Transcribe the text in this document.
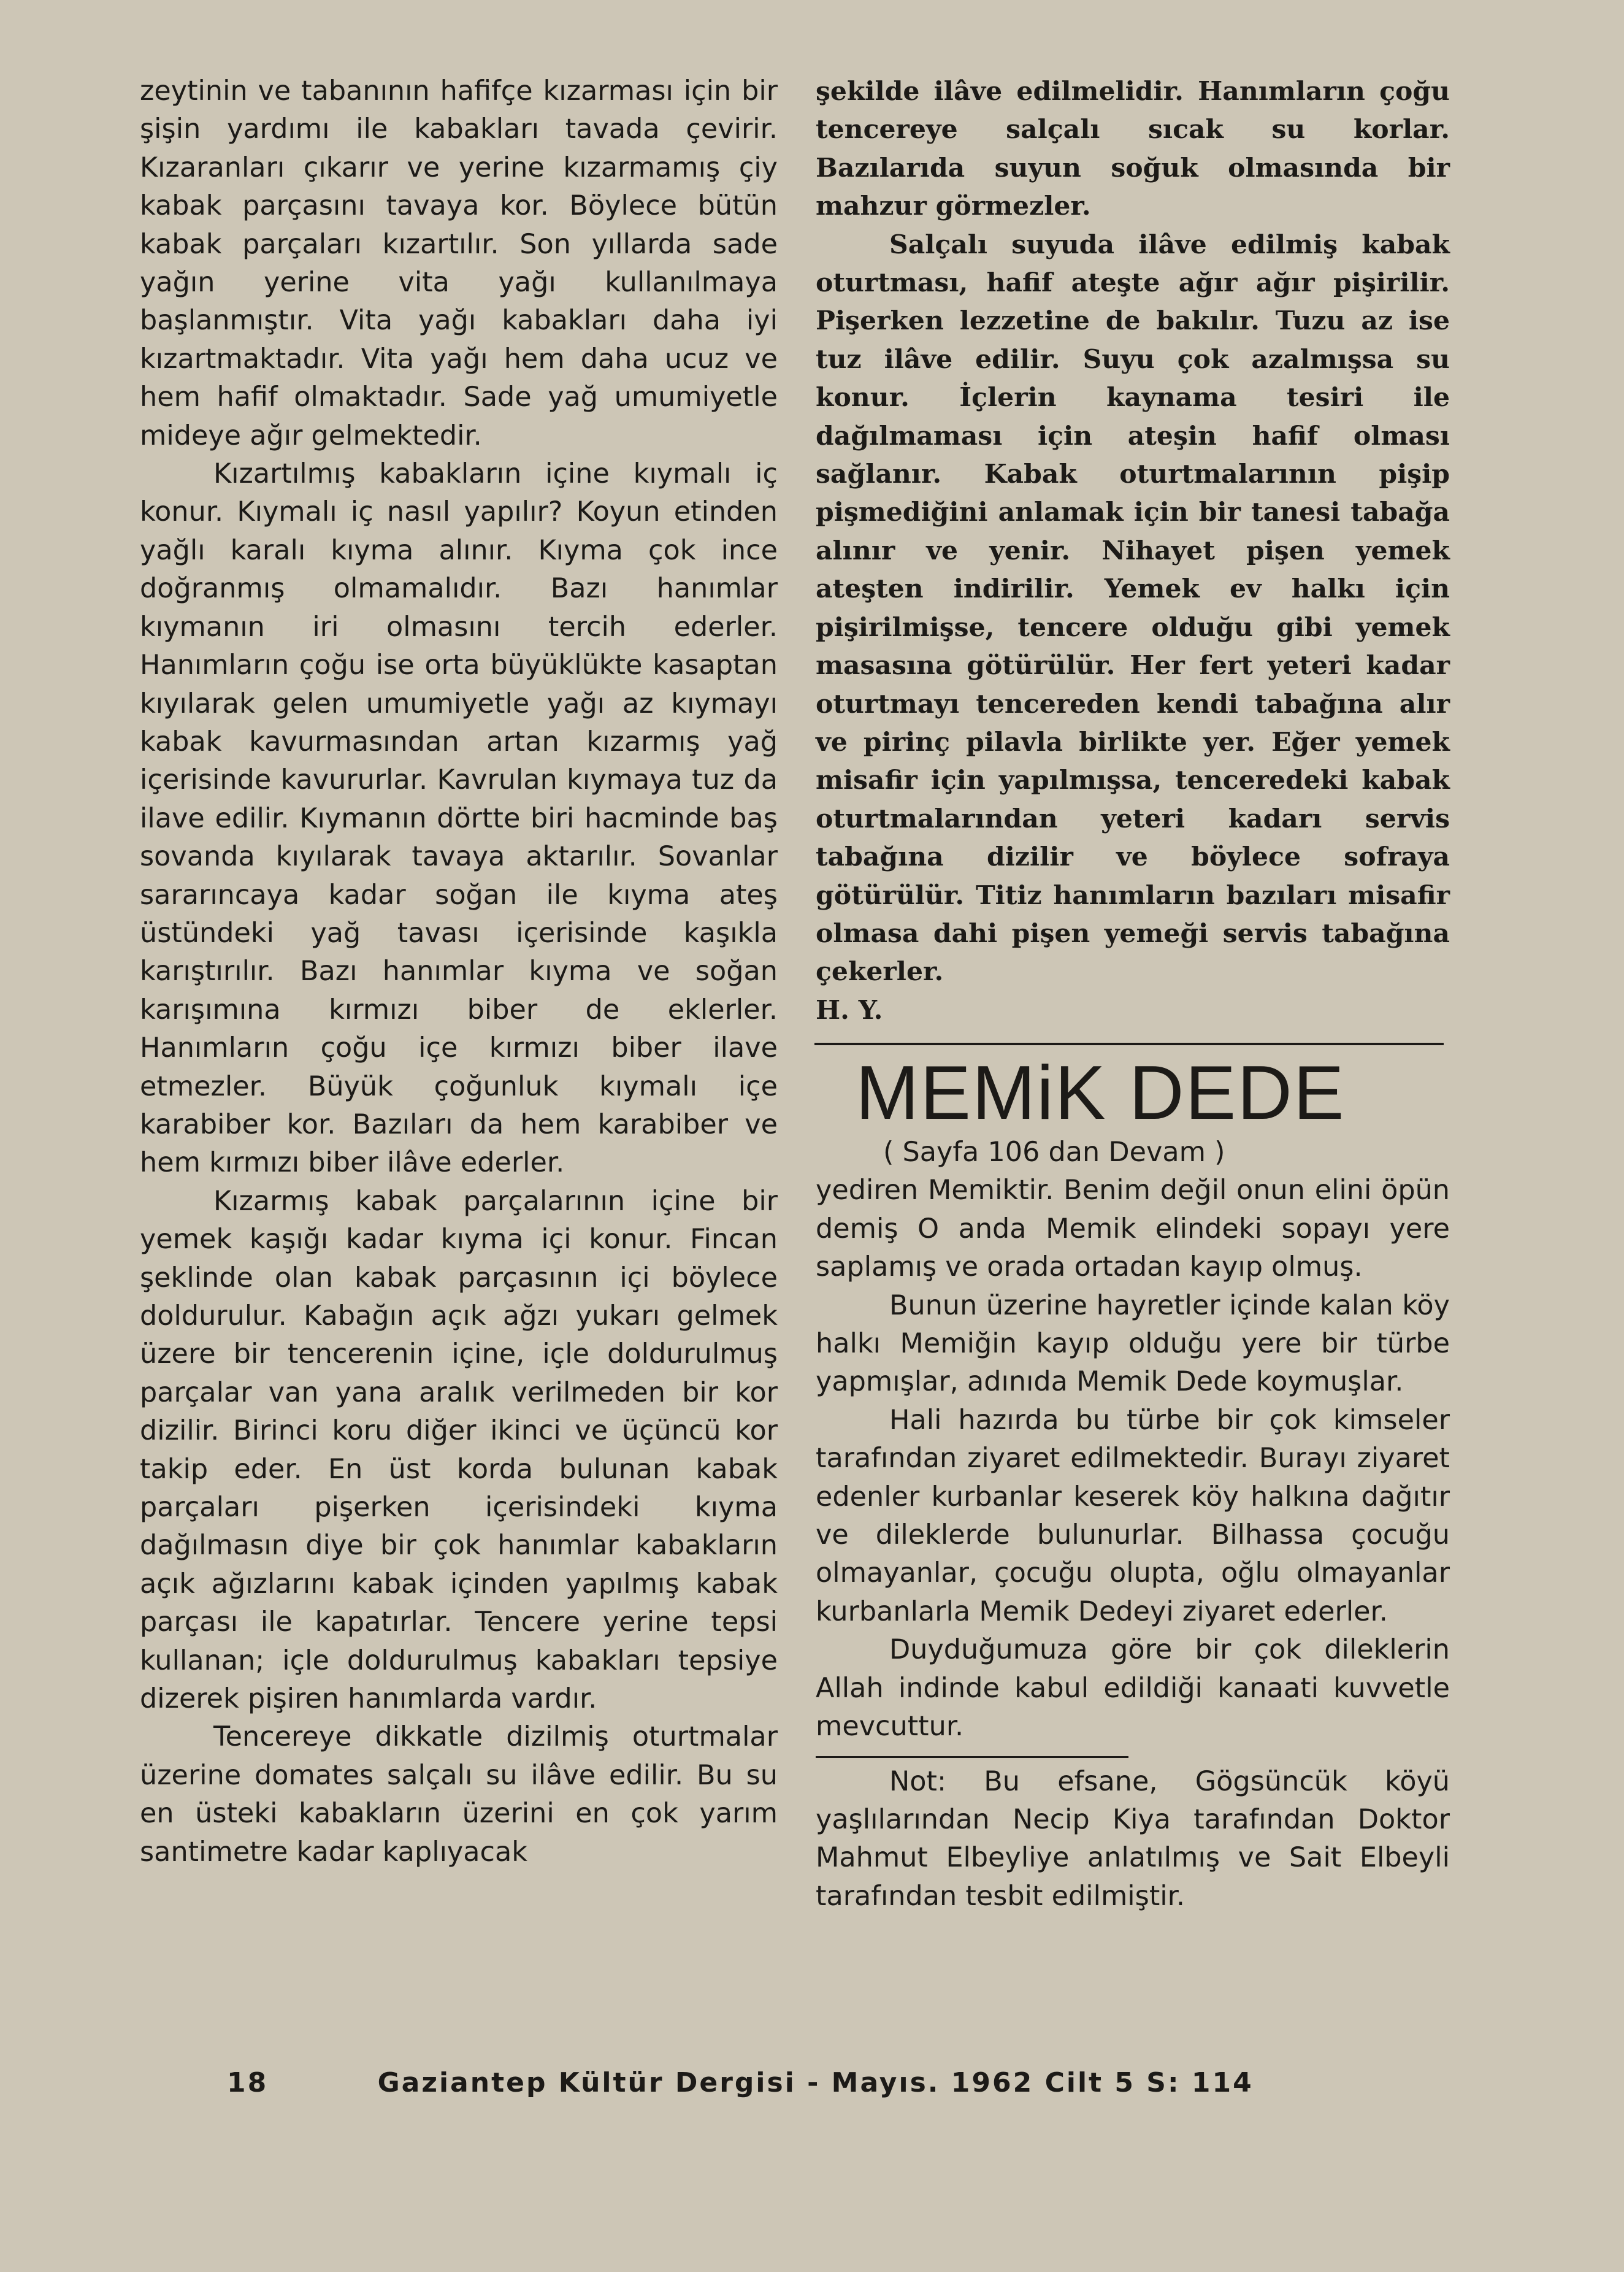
zeytinin ve tabanının hafifçe kızarması için bir şişin yardımı ile kabakları tavada çevirir. Kızaranları çıkarır ve yerine kızarmamış çiy kabak parçasını tavaya kor. Böylece bütün kabak parçaları kızartılır. Son yıllarda sade yağın yerine vita yağı kullanılmaya başlanmıştır. Vita yağı kabakları daha iyi kızartmaktadır. Vita yağı hem daha ucuz ve hem hafif olmaktadır. Sade yağ umumiyetle mideye ağır gelmektedir.

Kızartılmış kabakların içine kıymalı iç konur. Kıymalı iç nasıl yapılır? Koyun etinden yağlı karalı kıyma alınır. Kıyma çok ince doğranmış olmamalıdır. Bazı hanımlar kıymanın iri olmasını tercih ederler. Hanımların çoğu ise orta büyüklükte kasaptan kıyılarak gelen umumiyetle yağı az kıymayı kabak kavurmasından artan kızarmış yağ içerisinde kavururlar. Kavrulan kıymaya tuz da ilave edilir. Kıymanın dörtte biri hacminde baş sovanda kıyılarak tavaya aktarılır. Sovanlar sararıncaya kadar soğan ile kıyma ateş üstündeki yağ tavası içerisinde kaşıkla karıştırılır. Bazı hanımlar kıyma ve soğan karışımına kırmızı biber de eklerler. Hanımların çoğu içe kırmızı biber ilave etmezler. Büyük çoğunluk kıymalı içe karabiber kor. Bazıları da hem karabiber ve hem kırmızı biber ilâve ederler.

Kızarmış kabak parçalarının içine bir yemek kaşığı kadar kıyma içi konur. Fincan şeklinde olan kabak parçasının içi böylece doldurulur. Kabağın açık ağzı yukarı gelmek üzere bir tencerenin içine, içle doldurulmuş parçalar van yana aralık verilmeden bir kor dizilir. Birinci koru diğer ikinci ve üçüncü kor takip eder. En üst korda bulunan kabak parçaları pişerken içerisindeki kıyma dağılmasın diye bir çok hanımlar kabakların açık ağızlarını kabak içinden yapılmış kabak parçası ile kapatırlar. Tencere yerine tepsi kullanan; içle doldurulmuş kabakları tepsiye dizerek pişiren hanımlarda vardır.

Tencereye dikkatle dizilmiş oturtmalar üzerine domates salçalı su ilâve edilir. Bu su en üsteki kabakların üzerini en çok yarım santimetre kadar kaplıyacak

şekilde ilâve edilmelidir. Hanımların çoğu tencereye salçalı sıcak su korlar. Bazılarıda suyun soğuk olmasında bir mahzur görmezler.

Salçalı suyuda ilâve edilmiş kabak oturtması, hafif ateşte ağır ağır pişirilir. Pişerken lezzetine de bakılır. Tuzu az ise tuz ilâve edilir. Suyu çok azalmışsa su konur. İçlerin kaynama tesiri ile dağılmaması için ateşin hafif olması sağlanır. Kabak oturtmalarının pişip pişmediğini anlamak için bir tanesi tabağa alınır ve yenir. Nihayet pişen yemek ateşten indirilir. Yemek ev halkı için pişirilmişse, tencere olduğu gibi yemek masasına götürülür. Her fert yeteri kadar oturtmayı tencereden kendi tabağına alır ve pirinç pilavla birlikte yer. Eğer yemek misafir için yapılmışsa, tenceredeki kabak oturtmalarından yeteri kadarı servis tabağına dizilir ve böylece sofraya götürülür. Titiz hanımların bazıları misafir olmasa dahi pişen yemeği servis tabağına çekerler.

H. Y.

MEMiK DEDE

( Sayfa 106 dan Devam )

yediren Memiktir. Benim değil onun elini öpün demiş O anda Memik elindeki sopayı yere saplamış ve orada ortadan kayıp olmuş.

Bunun üzerine hayretler içinde kalan köy halkı Memiğin kayıp olduğu yere bir türbe yapmışlar, adınıda Memik Dede koymuşlar.

Hali hazırda bu türbe bir çok kimseler tarafından ziyaret edilmektedir. Burayı ziyaret edenler kurbanlar keserek köy halkına dağıtır ve dileklerde bulunurlar. Bilhassa çocuğu olmayanlar, çocuğu olupta, oğlu olmayanlar kurbanlarla Memik Dedeyi ziyaret ederler.

Duyduğumuza göre bir çok dileklerin Allah indinde kabul edildiği kanaati kuvvetle mevcuttur.

Not: Bu efsane, Gögsüncük köyü yaşlılarından Necip Kiya tarafından Doktor Mahmut Elbeyliye anlatılmış ve Sait Elbeyli tarafından tesbit edilmiştir.

18	Gaziantep Kültür Dergisi - Mayıs. 1962 Cilt 5 S: 114
